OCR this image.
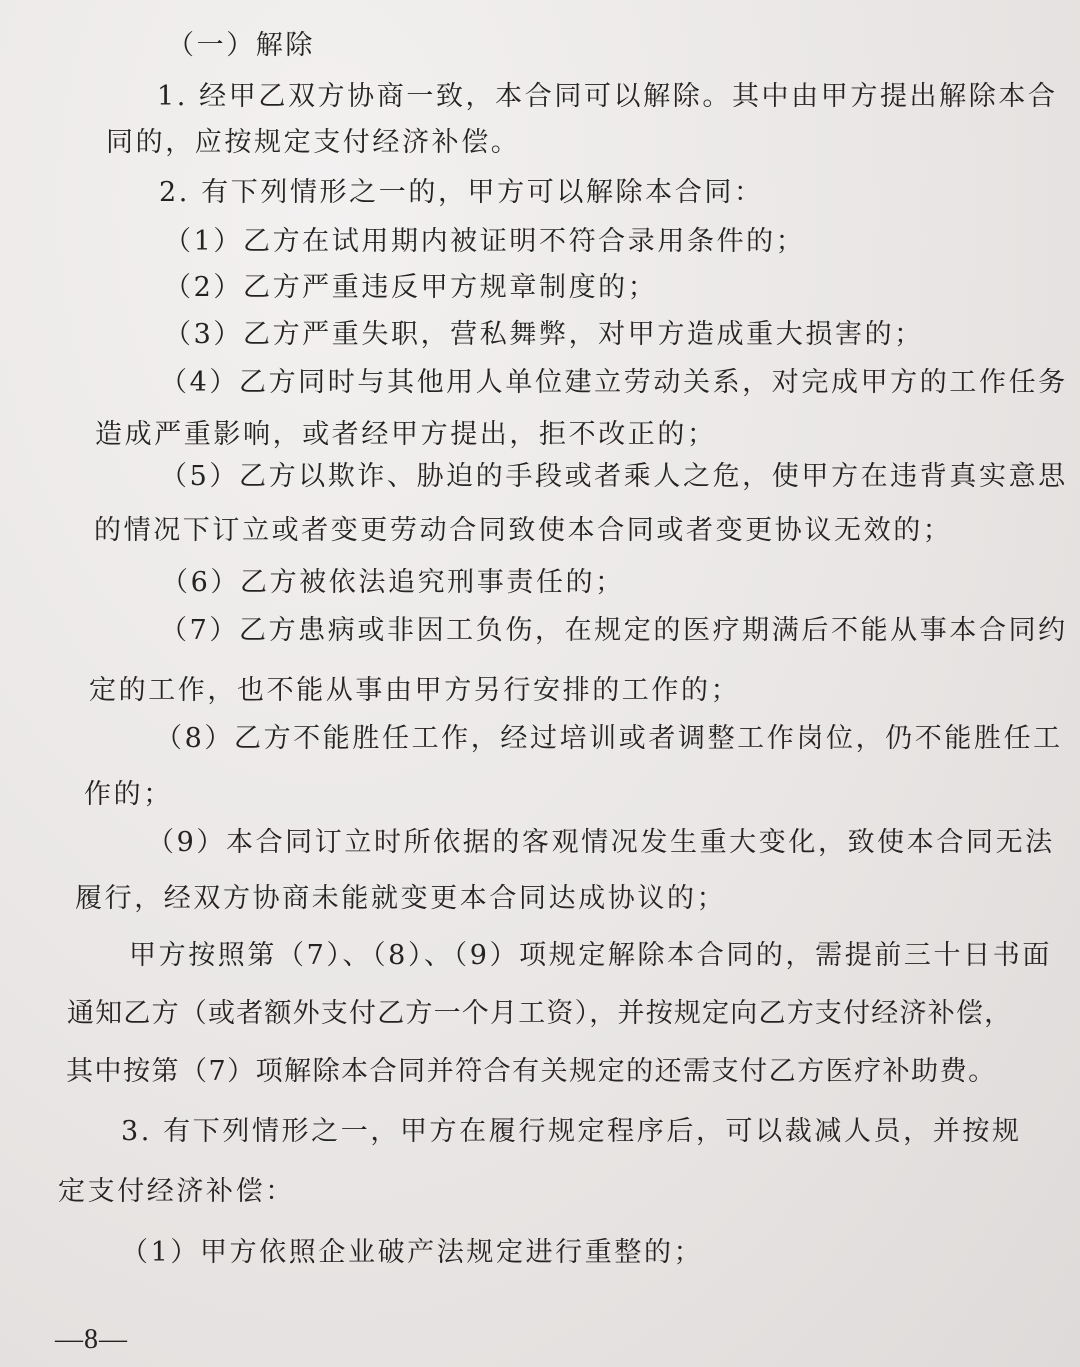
（一）解除
1. 经甲乙双方协商一致，本合同可以解除。其中由甲方提出解除本合
同的，应按规定支付经济补偿。
2. 有下列情形之一的，甲方可以解除本合同：
（1）乙方在试用期内被证明不符合录用条件的；
（2）乙方严重违反甲方规章制度的；
（3）乙方严重失职，营私舞弊，对甲方造成重大损害的；
（4）乙方同时与其他用人单位建立劳动关系，对完成甲方的工作任务
造成严重影响，或者经甲方提出，拒不改正的；
（5）乙方以欺诈、胁迫的手段或者乘人之危，使甲方在违背真实意思
的情况下订立或者变更劳动合同致使本合同或者变更协议无效的；
（6）乙方被依法追究刑事责任的；
（7）乙方患病或非因工负伤，在规定的医疗期满后不能从事本合同约
定的工作，也不能从事由甲方另行安排的工作的；
（8）乙方不能胜任工作，经过培训或者调整工作岗位，仍不能胜任工
作的；
（9）本合同订立时所依据的客观情况发生重大变化，致使本合同无法
履行，经双方协商未能就变更本合同达成协议的；
甲方按照第（7）、（8）、（9）项规定解除本合同的，需提前三十日书面
通知乙方（或者额外支付乙方一个月工资），并按规定向乙方支付经济补偿，
其中按第（7）项解除本合同并符合有关规定的还需支付乙方医疗补助费。
3. 有下列情形之一，甲方在履行规定程序后，可以裁减人员，并按规
定支付经济补偿：
（1）甲方依照企业破产法规定进行重整的；
—8—
